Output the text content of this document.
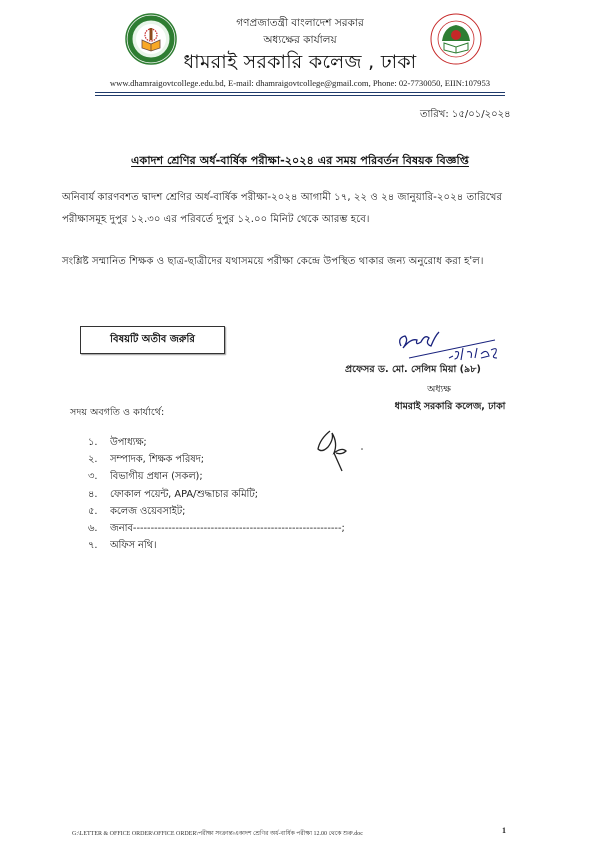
গণপ্রজাতন্ত্রী বাংলাদেশ সরকার
অধ্যক্ষের কার্যালয়
ধামরাই সরকারি কলেজ , ঢাকা
www.dhamraigovtcollege.edu.bd, E-mail: dhamraigovtcollege@gmail.com, Phone: 02-7730050, EIIN:107953
তারিখ: ১৫/০১/২০২৪
একাদশ শ্রেণির অর্ধ-বার্ষিক পরীক্ষা-২০২৪ এর সময় পরিবর্তন বিষয়ক বিজ্ঞপ্তি
অনিবার্য কারণবশত দ্বাদশ শ্রেণির অর্ধ-বার্ষিক পরীক্ষা-২০২৪ আগামী ১৭, ২২ ও ২৪ জানুয়ারি-২০২৪ তারিখের পরীক্ষাসমূহ দুপুর ১২.৩০ এর পরিবর্তে দুপুর ১২.০০ মিনিট থেকে আরম্ভ হবে।
সংশ্লিষ্ট সম্মানিত শিক্ষক ও ছাত্র-ছাত্রীদের যথাসময়ে পরীক্ষা কেন্দ্রে উপস্থিত থাকার জন্য অনুরোধ করা হ'ল।
বিষয়টি অতীব জরুরি
প্রফেসর ড. মো. সেলিম মিয়া (৯৮)
অধ্যক্ষ
ধামরাই সরকারি কলেজ, ঢাকা
সদয় অবগতি ও কার্যার্থে:
১.	উপাধ্যক্ষ;
২.	সম্পাদক, শিক্ষক পরিষদ;
৩.	বিভাগীয় প্রধান (সকল);
৪.	ফোকাল পয়েন্ট, APA/শুদ্ধাচার কমিটি;
৫.	কলেজ ওয়েবসাইট;
৬.	জনাব-----------------------------------------------------------;
৭.	অফিস নথি।
G:\LETTER & OFFICE ORDER\OFFICE ORDER\পরীক্ষা সংক্রান্ত\একাদশ শ্রেণির অর্ধ-বার্ষিক পরীক্ষা 12.00 থেকে শুরু.doc	1
